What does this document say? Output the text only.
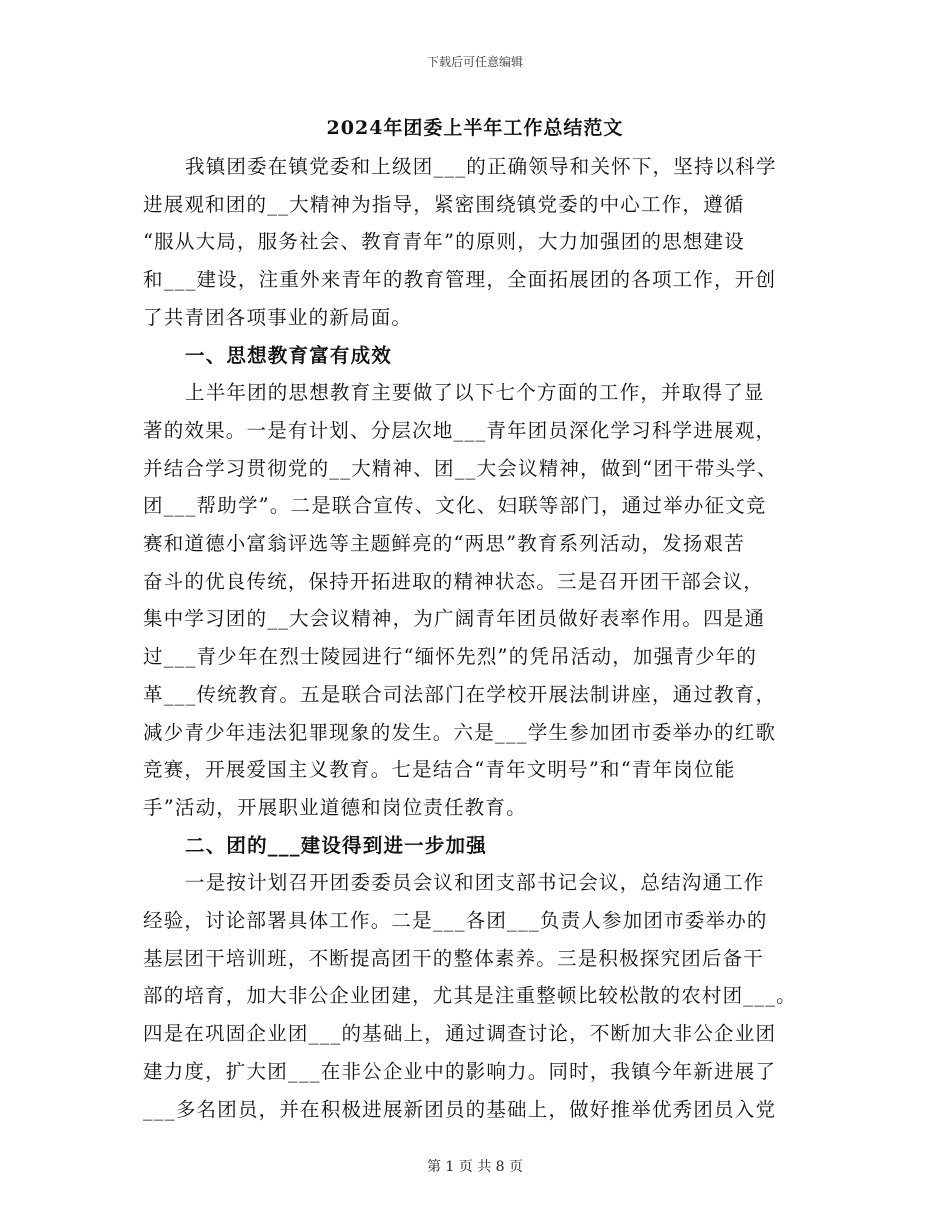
下载后可任意编辑
2024年团委上半年工作总结范文
我镇团委在镇党委和上级团___的正确领导和关怀下，坚持以科学
进展观和团的__大精神为指导，紧密围绕镇党委的中心工作，遵循
“服从大局，服务社会、教育青年”的原则，大力加强团的思想建设
和___建设，注重外来青年的教育管理，全面拓展团的各项工作，开创
了共青团各项事业的新局面。
一、思想教育富有成效
上半年团的思想教育主要做了以下七个方面的工作，并取得了显
著的效果。一是有计划、分层次地___青年团员深化学习科学进展观，
并结合学习贯彻党的__大精神、团__大会议精神，做到“团干带头学、
团___帮助学”。二是联合宣传、文化、妇联等部门，通过举办征文竞
赛和道德小富翁评选等主题鲜亮的“两思”教育系列活动，发扬艰苦
奋斗的优良传统，保持开拓进取的精神状态。三是召开团干部会议，
集中学习团的__大会议精神，为广阔青年团员做好表率作用。四是通
过___青少年在烈士陵园进行“缅怀先烈”的凭吊活动，加强青少年的
革___传统教育。五是联合司法部门在学校开展法制讲座，通过教育，
减少青少年违法犯罪现象的发生。六是___学生参加团市委举办的红歌
竞赛，开展爱国主义教育。七是结合“青年文明号”和“青年岗位能
手”活动，开展职业道德和岗位责任教育。
二、团的___建设得到进一步加强
一是按计划召开团委委员会议和团支部书记会议，总结沟通工作
经验，讨论部署具体工作。二是___各团___负责人参加团市委举办的
基层团干培训班，不断提高团干的整体素养。三是积极探究团后备干
部的培育，加大非公企业团建，尤其是注重整顿比较松散的农村团___。
四是在巩固企业团___的基础上，通过调查讨论，不断加大非公企业团
建力度，扩大团___在非公企业中的影响力。同时，我镇今年新进展了
___多名团员，并在积极进展新团员的基础上，做好推举优秀团员入党
第 1 页 共 8 页
